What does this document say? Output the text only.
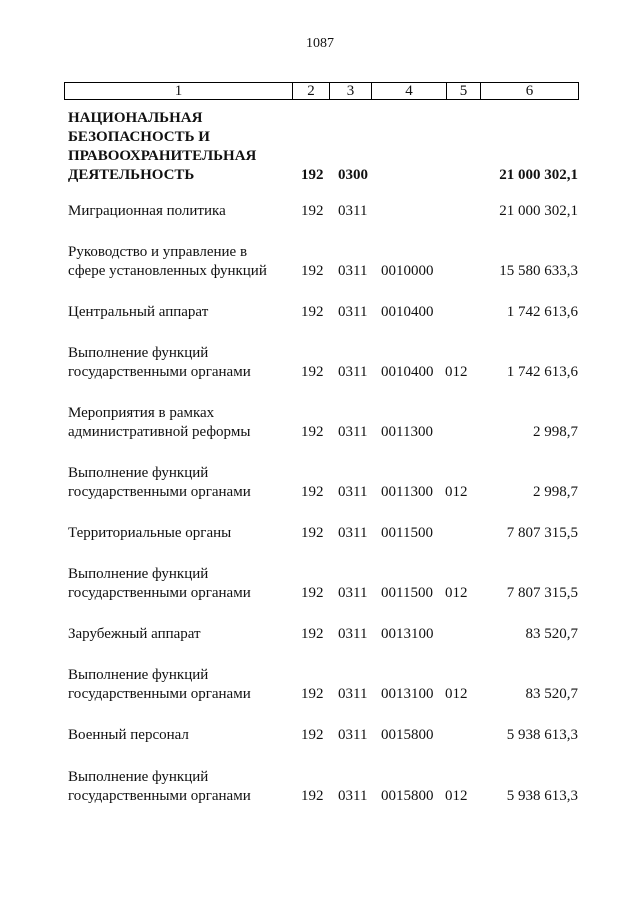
1087
1	2	3	4	5	6
НАЦИОНАЛЬНАЯ
БЕЗОПАСНОСТЬ И
ПРАВООХРАНИТЕЛЬНАЯ
ДЕЯТЕЛЬНОСТЬ	192 0300	21 000 302,1
Миграционная политика	192 0311	21 000 302,1
Руководство и управление в
сфере установленных функций	192 0311 0010000	15 580 633,3
Центральный аппарат	192 0311 0010400	1 742 613,6
Выполнение функций
государственными органами	192 0311 0010400 012	1 742 613,6
Мероприятия в рамках
административной реформы	192 0311 0011300	2 998,7
Выполнение функций
государственными органами	192 0311 0011300 012	2 998,7
Территориальные органы	192 0311 0011500	7 807 315,5
Выполнение функций
государственными органами	192 0311 0011500 012	7 807 315,5
Зарубежный аппарат	192 0311 0013100	83 520,7
Выполнение функций
государственными органами	192 0311 0013100 012	83 520,7
Военный персонал	192 0311 0015800	5 938 613,3
Выполнение функций
государственными органами	192 0311 0015800 012	5 938 613,3
